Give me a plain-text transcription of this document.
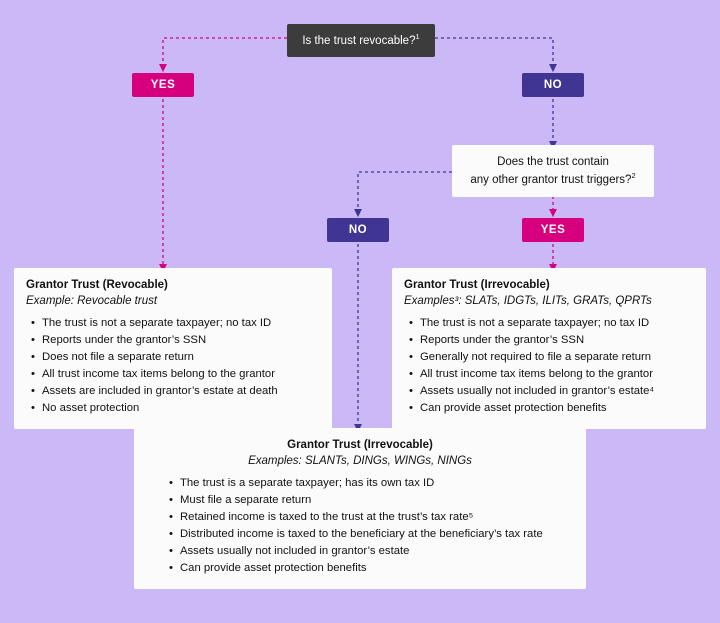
Is the trust revocable?$^1$
YES	NO
Does the trust contain
any other grantor trust triggers?$^2$
NO	YES
Grantor Trust (Revocable)
Example: Revocable trust
• The trust is not a separate taxpayer; no tax ID
• Reports under the grantor’s SSN
• Does not file a separate return
• All trust income tax items belong to the grantor
• Assets are included in grantor’s estate at death
• No asset protection
Grantor Trust (Irrevocable)
Examples³: SLATs, IDGTs, ILITs, GRATs, QPRTs
• The trust is not a separate taxpayer; no tax ID
• Reports under the grantor’s SSN
• Generally not required to file a separate return
• All trust income tax items belong to the grantor
• Assets usually not included in grantor’s estate⁴
• Can provide asset protection benefits
Grantor Trust (Irrevocable)
Examples: SLANTs, DINGs, WINGs, NINGs
• The trust is a separate taxpayer; has its own tax ID
• Must file a separate return
• Retained income is taxed to the trust at the trust’s tax rate⁵
• Distributed income is taxed to the beneficiary at the beneficiary’s tax rate
• Assets usually not included in grantor’s estate
• Can provide asset protection benefits
